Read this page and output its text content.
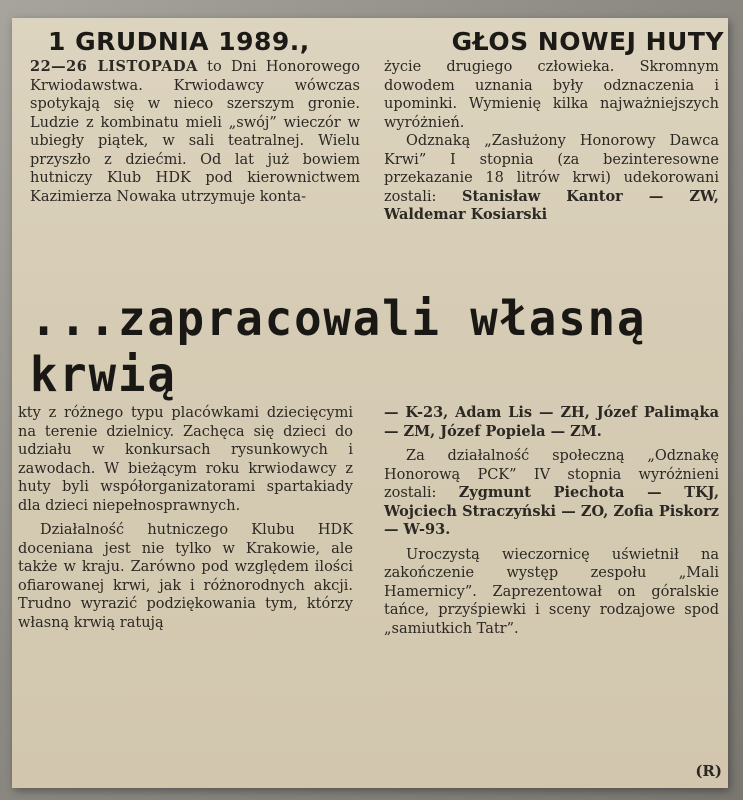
1 GRUDNIA 1989.,	GŁOS NOWEJ HUTY

22—26 LISTOPADA to Dni Honorowego Krwiodawstwa. Krwiodawcy wówczas spotykają się w nieco szerszym gronie. Ludzie z kombinatu mieli „swój” wieczór w ubiegły piątek, w sali teatralnej. Wielu przyszło z dziećmi. Od lat już bowiem hutniczy Klub HDK pod kierownictwem Kazimierza Nowaka utrzymuje konta-

życie drugiego człowieka. Skromnym dowodem uznania były odznaczenia i upominki. Wymienię kilka najważniejszych wyróżnień.

Odznaką „Zasłużony Honorowy Dawca Krwi” I stopnia (za bezinteresowne przekazanie 18 litrów krwi) udekorowani zostali: Stanisław Kantor — ZW, Waldemar Kosiarski

...zapracowali własną krwią

kty z różnego typu placówkami dziecięcymi na terenie dzielnicy. Zachęca się dzieci do udziału w konkursach rysunkowych i zawodach. W bieżącym roku krwiodawcy z huty byli współorganizatorami spartakiady dla dzieci niepełnosprawnych.

Działalność hutniczego Klubu HDK doceniana jest nie tylko w Krakowie, ale także w kraju. Zarówno pod względem ilości ofiarowanej krwi, jak i różnorodnych akcji. Trudno wyrazić podziękowania tym, którzy własną krwią ratują

— K-23, Adam Lis — ZH, Józef Palimąka — ZM, Józef Popiela — ZM.

Za działalność społeczną „Odznakę Honorową PCK” IV stopnia wyróżnieni zostali: Zygmunt Piechota — TKJ, Wojciech Straczyński — ZO, Zofia Piskorz — W-93.

Uroczystą wieczornicę uświetnił na zakończenie występ zespołu „Mali Hamernicy”. Zaprezentował on góralskie tańce, przyśpiewki i sceny rodzajowe spod „samiutkich Tatr”.

(R)
